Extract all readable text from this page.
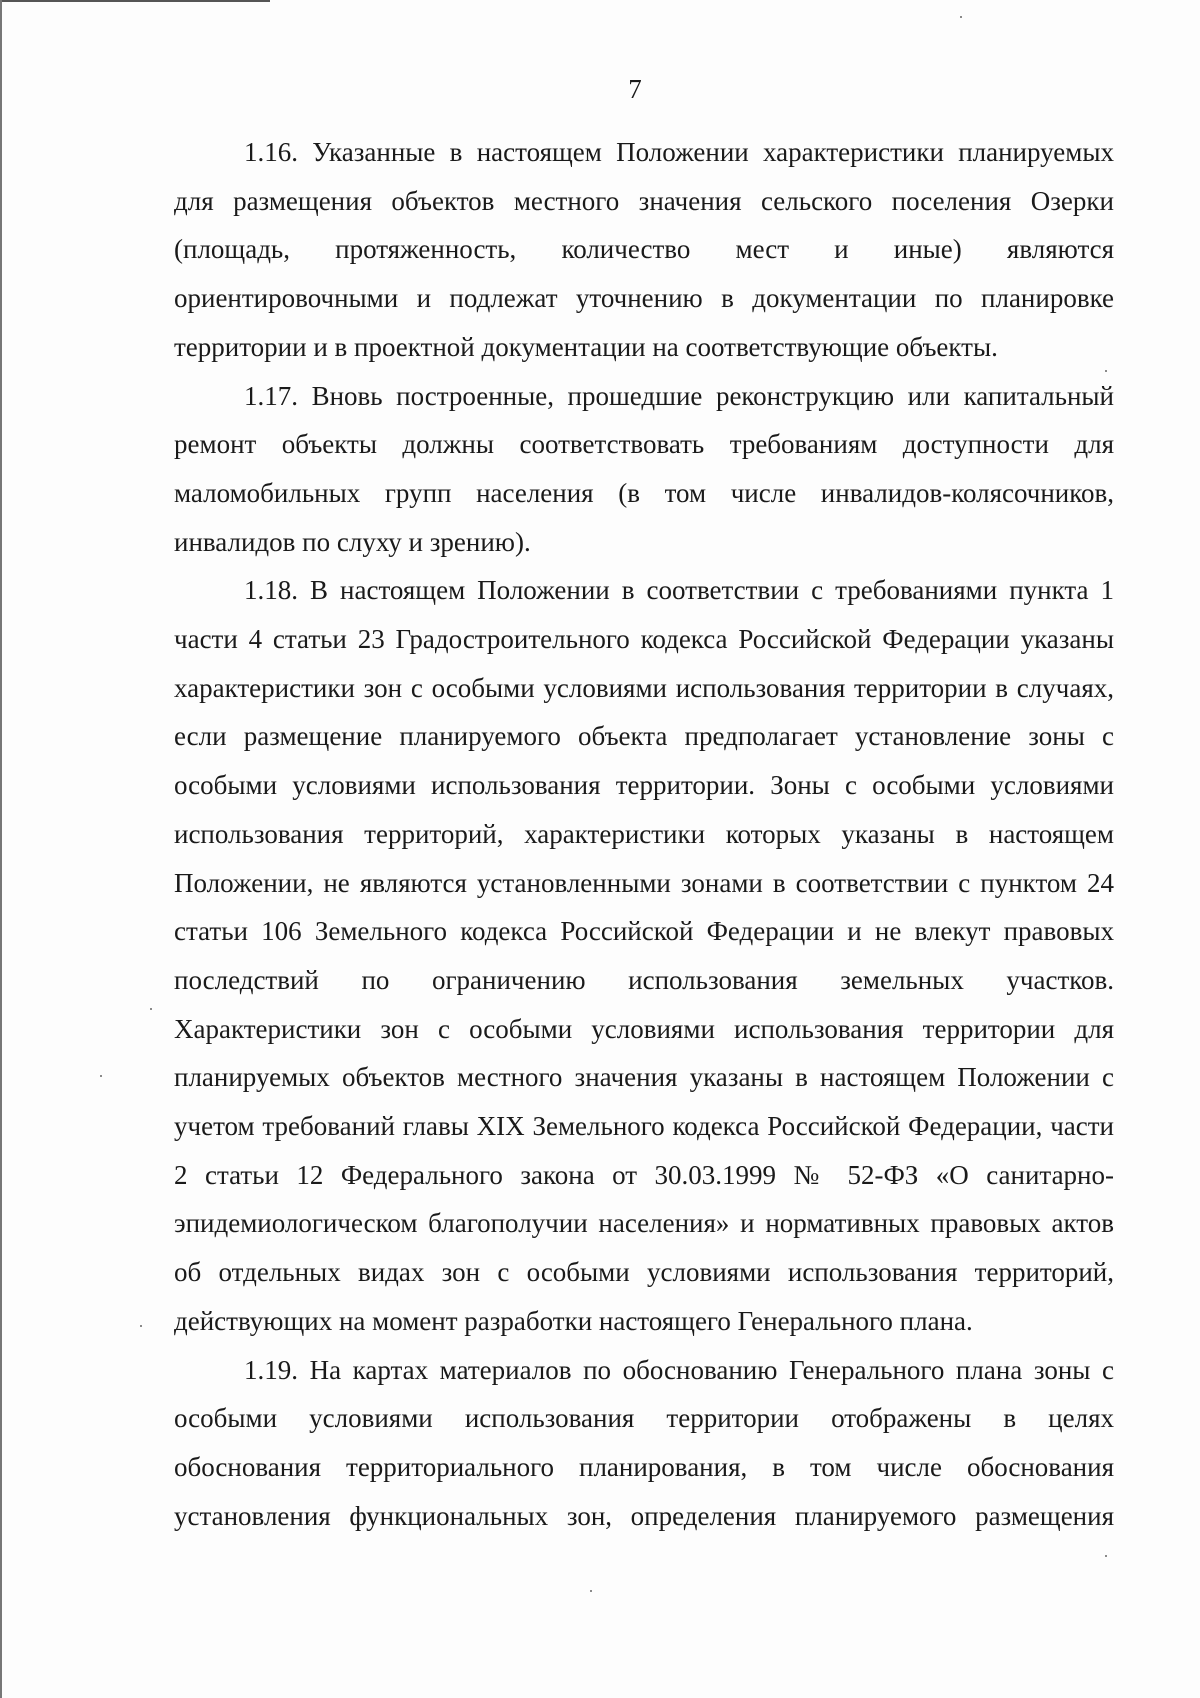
7

1.16. Указанные в настоящем Положении характеристики планируемых для размещения объектов местного значения сельского поселения Озерки (площадь, протяженность, количество мест и иные) являются ориентировочными и подлежат уточнению в документации по планировке территории и в проектной документации на соответствующие объекты.

1.17. Вновь построенные, прошедшие реконструкцию или капитальный ремонт объекты должны соответствовать требованиям доступности для маломобильных групп населения (в том числе инвалидов-колясочников, инвалидов по слуху и зрению).

1.18. В настоящем Положении в соответствии с требованиями пункта 1 части 4 статьи 23 Градостроительного кодекса Российской Федерации указаны характеристики зон с особыми условиями использования территории в случаях, если размещение планируемого объекта предполагает установление зоны с особыми условиями использования территории. Зоны с особыми условиями использования территорий, характеристики которых указаны в настоящем Положении, не являются установленными зонами в соответствии с пунктом 24 статьи 106 Земельного кодекса Российской Федерации и не влекут правовых последствий по ограничению использования земельных участков. Характеристики зон с особыми условиями использования территории для планируемых объектов местного значения указаны в настоящем Положении с учетом требований главы XIX Земельного кодекса Российской Федерации, части 2 статьи 12 Федерального закона от 30.03.1999 № 52-ФЗ «О санитарно-эпидемиологическом благополучии населения» и нормативных правовых актов об отдельных видах зон с особыми условиями использования территорий, действующих на момент разработки настоящего Генерального плана.

1.19. На картах материалов по обоснованию Генерального плана зоны с особыми условиями использования территории отображены в целях обоснования территориального планирования, в том числе обоснования установления функциональных зон, определения планируемого размещения
